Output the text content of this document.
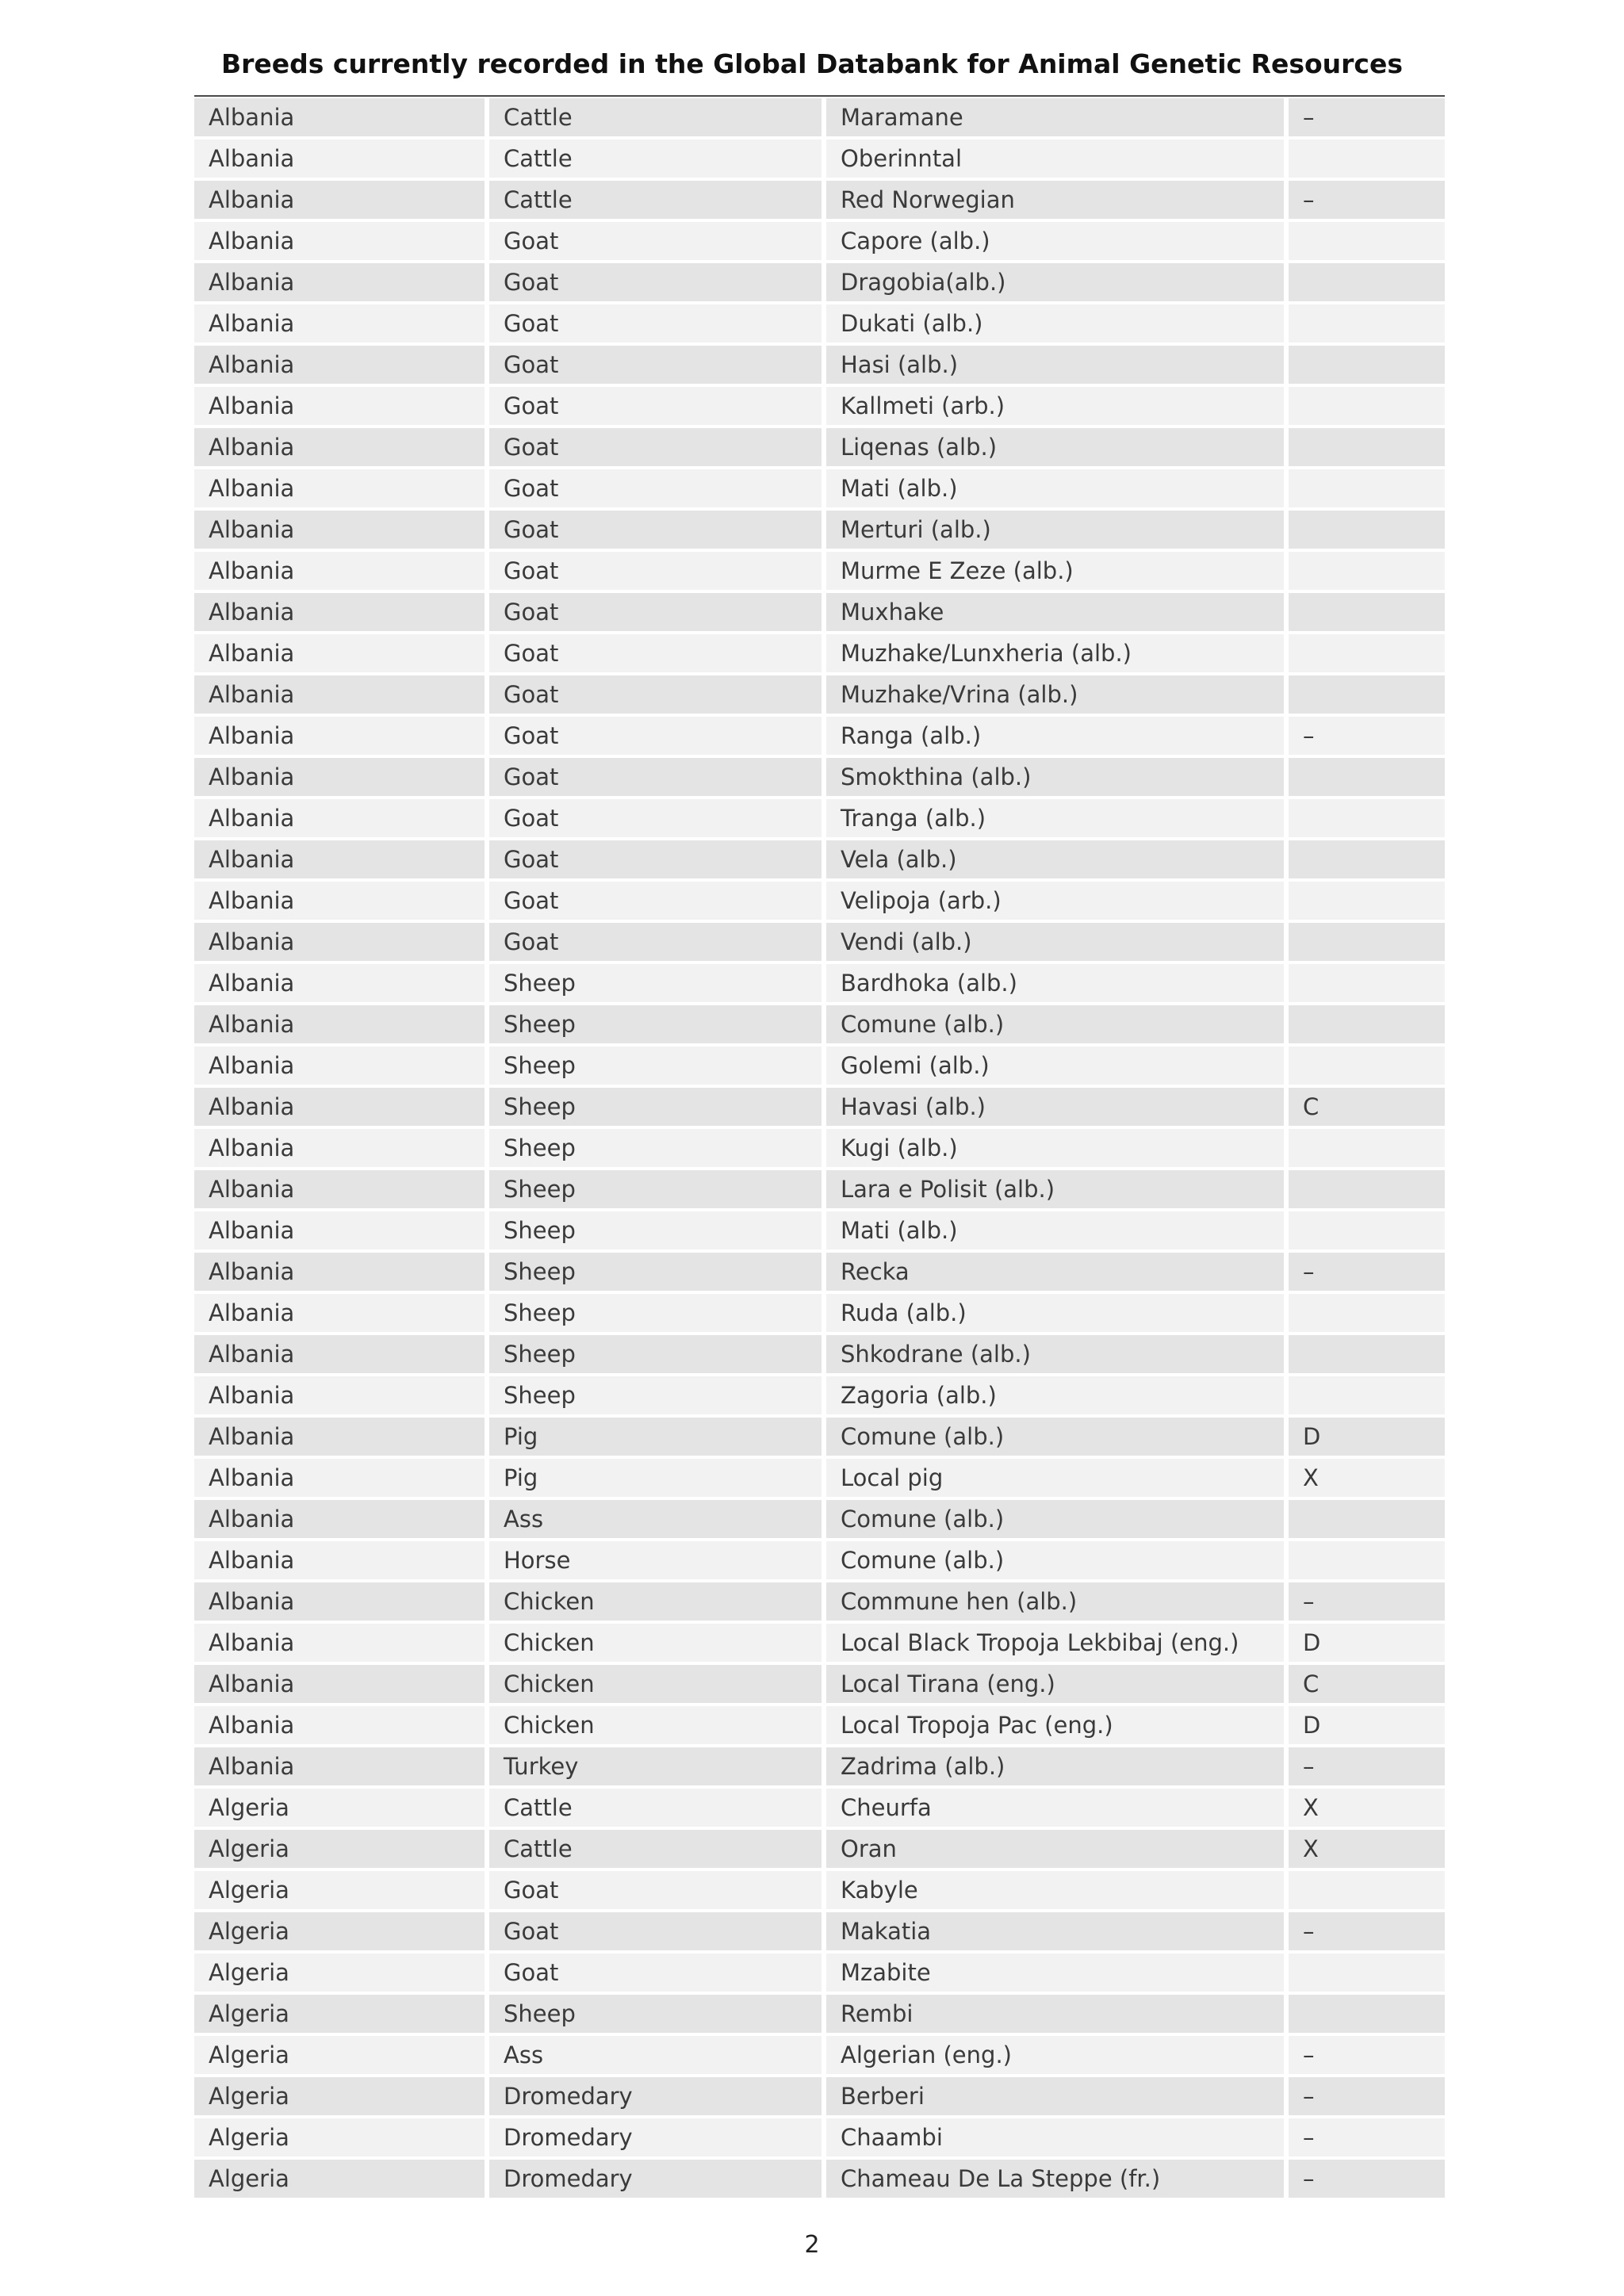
Breeds currently recorded in the Global Databank for Animal Genetic Resources
Albania	Cattle	Maramane	–
Albania	Cattle	Oberinntal	
Albania	Cattle	Red Norwegian	–
Albania	Goat	Capore (alb.)	
Albania	Goat	Dragobia(alb.)	
Albania	Goat	Dukati (alb.)	
Albania	Goat	Hasi (alb.)	
Albania	Goat	Kallmeti (arb.)	
Albania	Goat	Liqenas (alb.)	
Albania	Goat	Mati (alb.)	
Albania	Goat	Merturi (alb.)	
Albania	Goat	Murme E Zeze (alb.)	
Albania	Goat	Muxhake	
Albania	Goat	Muzhake/Lunxheria (alb.)	
Albania	Goat	Muzhake/Vrina (alb.)	
Albania	Goat	Ranga (alb.)	–
Albania	Goat	Smokthina (alb.)	
Albania	Goat	Tranga (alb.)	
Albania	Goat	Vela (alb.)	
Albania	Goat	Velipoja (arb.)	
Albania	Goat	Vendi (alb.)	
Albania	Sheep	Bardhoka (alb.)	
Albania	Sheep	Comune (alb.)	
Albania	Sheep	Golemi (alb.)	
Albania	Sheep	Havasi (alb.)	C
Albania	Sheep	Kugi (alb.)	
Albania	Sheep	Lara e Polisit (alb.)	
Albania	Sheep	Mati (alb.)	
Albania	Sheep	Recka	–
Albania	Sheep	Ruda (alb.)	
Albania	Sheep	Shkodrane (alb.)	
Albania	Sheep	Zagoria (alb.)	
Albania	Pig	Comune (alb.)	D
Albania	Pig	Local pig	X
Albania	Ass	Comune (alb.)	
Albania	Horse	Comune (alb.)	
Albania	Chicken	Commune hen (alb.)	–
Albania	Chicken	Local Black Tropoja Lekbibaj (eng.)	D
Albania	Chicken	Local Tirana (eng.)	C
Albania	Chicken	Local Tropoja Pac (eng.)	D
Albania	Turkey	Zadrima (alb.)	–
Algeria	Cattle	Cheurfa	X
Algeria	Cattle	Oran	X
Algeria	Goat	Kabyle	
Algeria	Goat	Makatia	–
Algeria	Goat	Mzabite	
Algeria	Sheep	Rembi	
Algeria	Ass	Algerian (eng.)	–
Algeria	Dromedary	Berberi	–
Algeria	Dromedary	Chaambi	–
Algeria	Dromedary	Chameau De La Steppe (fr.)	–
2
